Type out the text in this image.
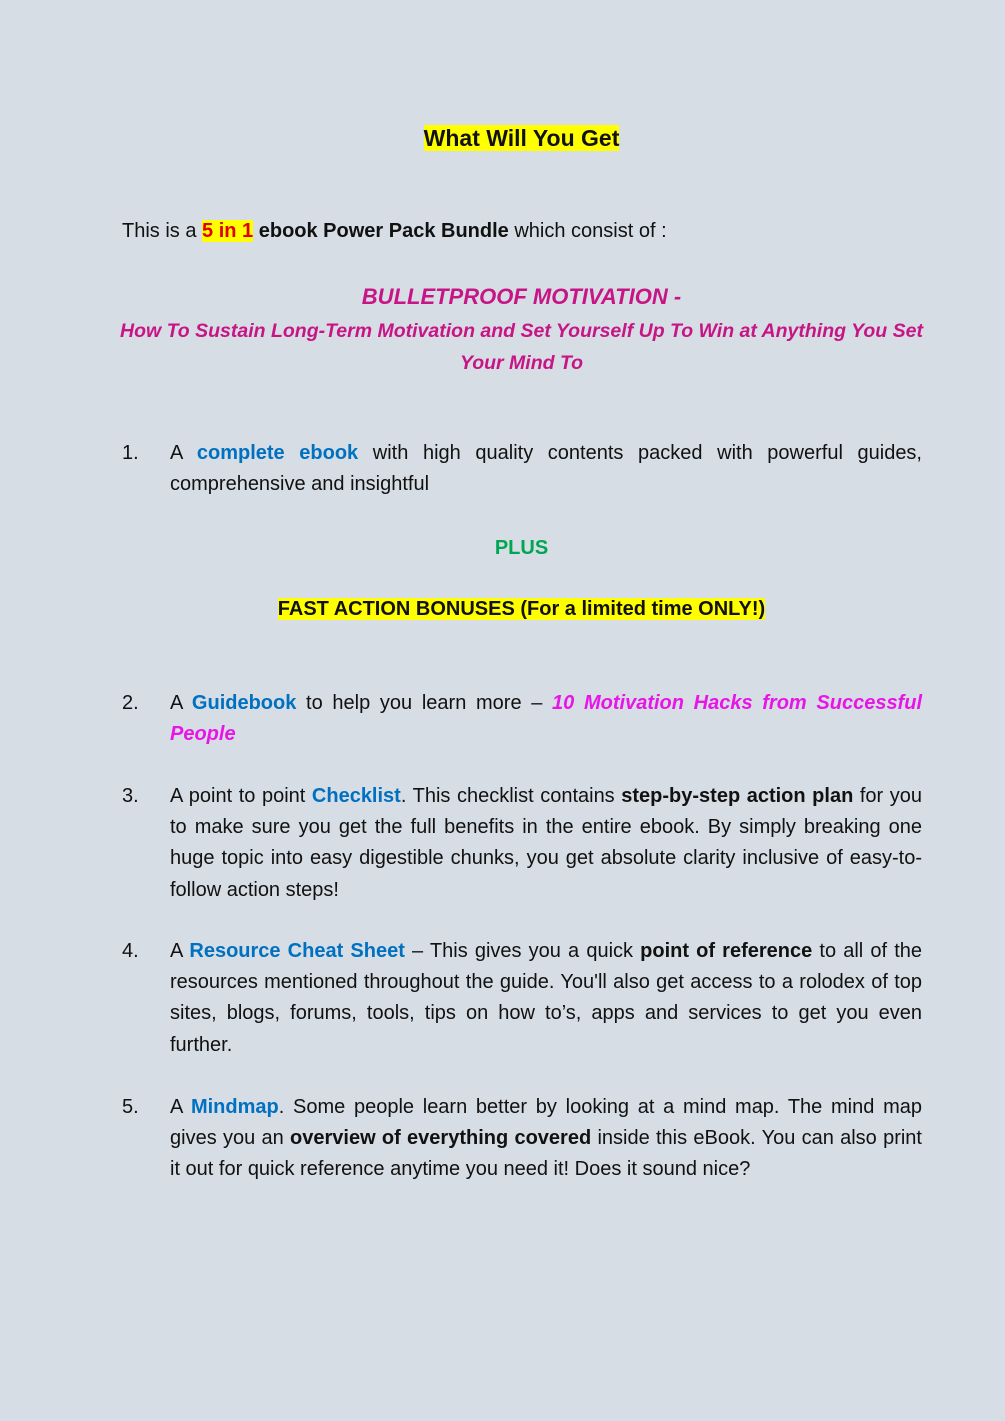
What Will You Get
This is a 5 in 1 ebook Power Pack Bundle which consist of :
BULLETPROOF MOTIVATION -
How To Sustain Long-Term Motivation and Set Yourself Up To Win at Anything You Set Your Mind To
1. A complete ebook with high quality contents packed with powerful guides, comprehensive and insightful
PLUS
FAST ACTION BONUSES (For a limited time ONLY!)
2. A Guidebook to help you learn more – 10 Motivation Hacks from Successful People
3. A point to point Checklist. This checklist contains step-by-step action plan for you to make sure you get the full benefits in the entire ebook. By simply breaking one huge topic into easy digestible chunks, you get absolute clarity inclusive of easy-to-follow action steps!
4. A Resource Cheat Sheet – This gives you a quick point of reference to all of the resources mentioned throughout the guide. You'll also get access to a rolodex of top sites, blogs, forums, tools, tips on how to’s, apps and services to get you even further.
5. A Mindmap. Some people learn better by looking at a mind map. The mind map gives you an overview of everything covered inside this eBook. You can also print it out for quick reference anytime you need it! Does it sound nice?
